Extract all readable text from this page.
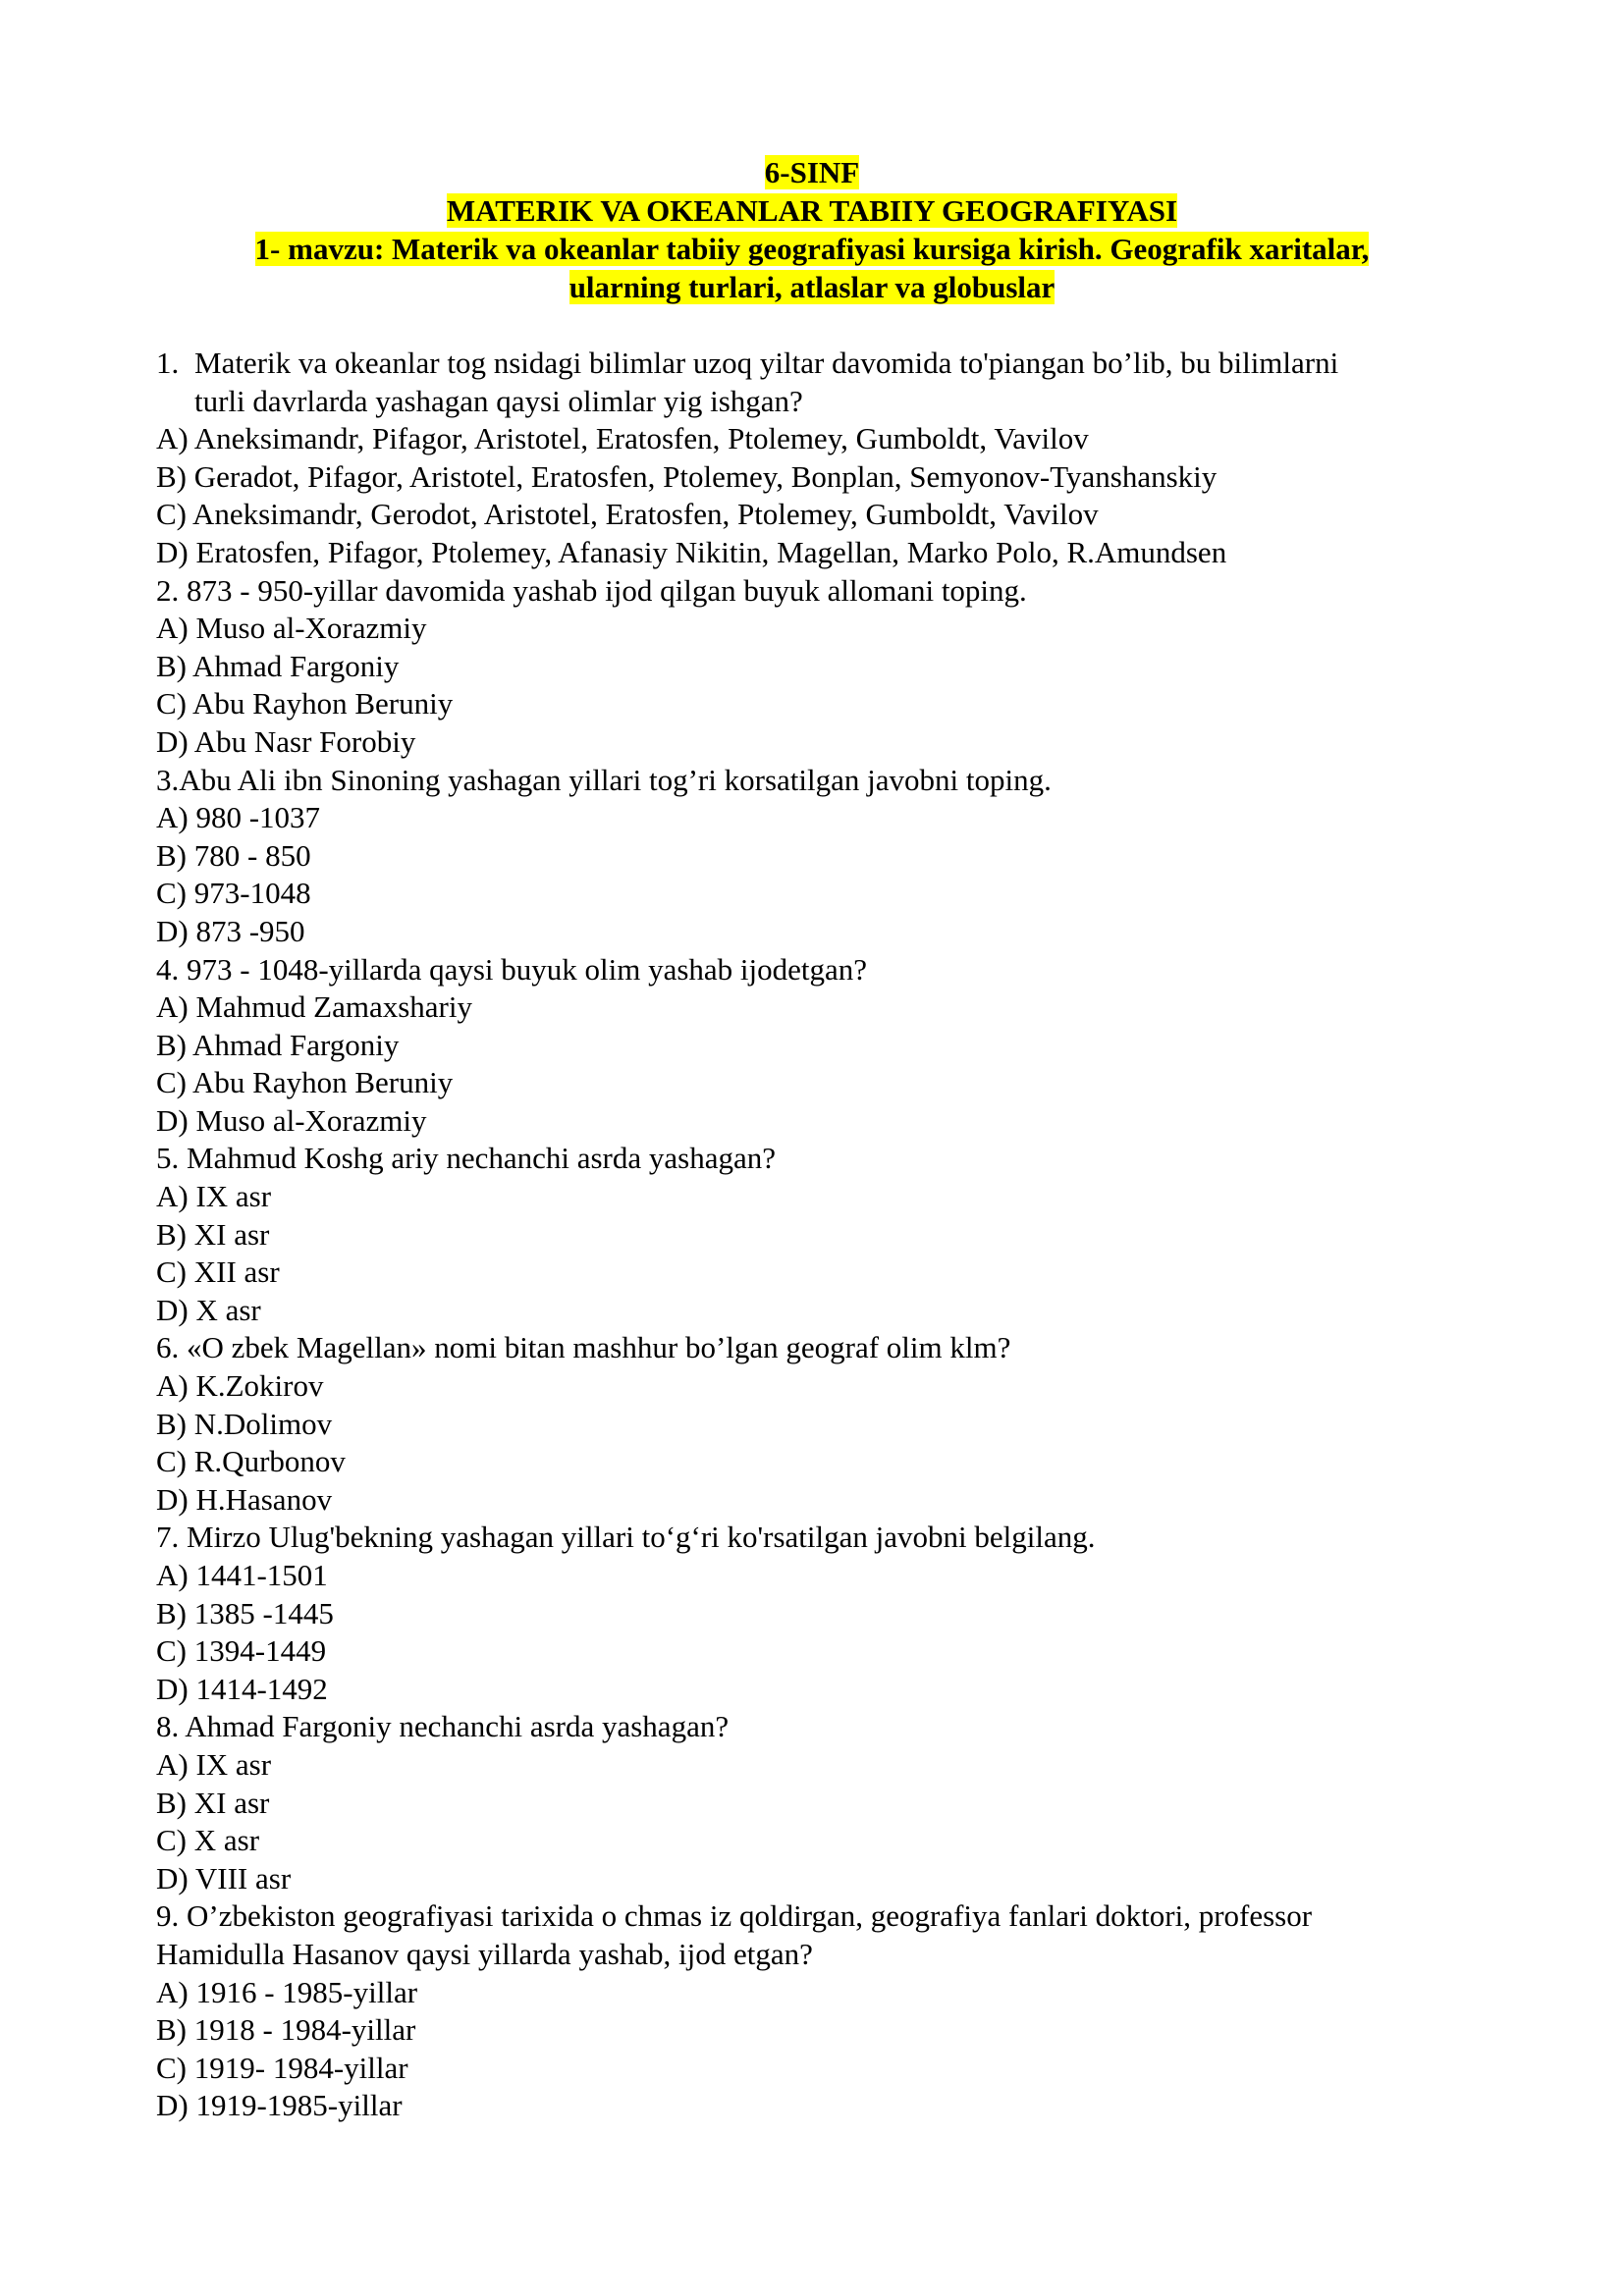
6-SINF
MATERIK VA OKEANLAR TABIIY GEOGRAFIYASI
1- mavzu: Materik va okeanlar tabiiy geografiyasi kursiga kirish. Geografik xaritalar,
ularning turlari, atlaslar va globuslar
1. Materik va okeanlar tog nsidagi bilimlar uzoq yiltar davomida to'piangan bo’lib, bu bilimlarni
turli davrlarda yashagan qaysi olimlar yig ishgan?
A) Aneksimandr, Pifagor, Aristotel, Eratosfen, Ptolemey, Gumboldt, Vavilov
B) Geradot, Pifagor, Aristotel, Eratosfen, Ptolemey, Bonplan, Semyonov-Tyanshanskiy
C) Aneksimandr, Gerodot, Aristotel, Eratosfen, Ptolemey, Gumboldt, Vavilov
D) Eratosfen, Pifagor, Ptolemey, Afanasiy Nikitin, Magellan, Marko Polo, R.Amundsen
2. 873 - 950-yillar davomida yashab ijod qilgan buyuk allomani toping.
A) Muso al-Xorazmiy
B) Ahmad Fargoniy
C) Abu Rayhon Beruniy
D) Abu Nasr Forobiy
3.Abu Ali ibn Sinoning yashagan yillari tog’ri korsatilgan javobni toping.
A) 980 -1037
B) 780 - 850
C) 973-1048
D) 873 -950
4. 973 - 1048-yillarda qaysi buyuk olim yashab ijodetgan?
A) Mahmud Zamaxshariy
B) Ahmad Fargoniy
C) Abu Rayhon Beruniy
D) Muso al-Xorazmiy
5. Mahmud Koshg ariy nechanchi asrda yashagan?
A) IX asr
B) XI asr
C) XII asr
D) X asr
6. «O zbek Magellan» nomi bitan mashhur bo’lgan geograf olim klm?
A) K.Zokirov
B) N.Dolimov
C) R.Qurbonov
D) H.Hasanov
7. Mirzo Ulug'bekning yashagan yillari to‘g‘ri ko'rsatilgan javobni belgilang.
A) 1441-1501
B) 1385 -1445
C) 1394-1449
D) 1414-1492
8. Ahmad Fargoniy nechanchi asrda yashagan?
A) IX asr
B) XI asr
C) X asr
D) VIII asr
9. O’zbekiston geografiyasi tarixida o chmas iz qoldirgan, geografiya fanlari doktori, professor
Hamidulla Hasanov qaysi yillarda yashab, ijod etgan?
A) 1916 - 1985-yillar
B) 1918 - 1984-yillar
C) 1919- 1984-yillar
D) 1919-1985-yillar
